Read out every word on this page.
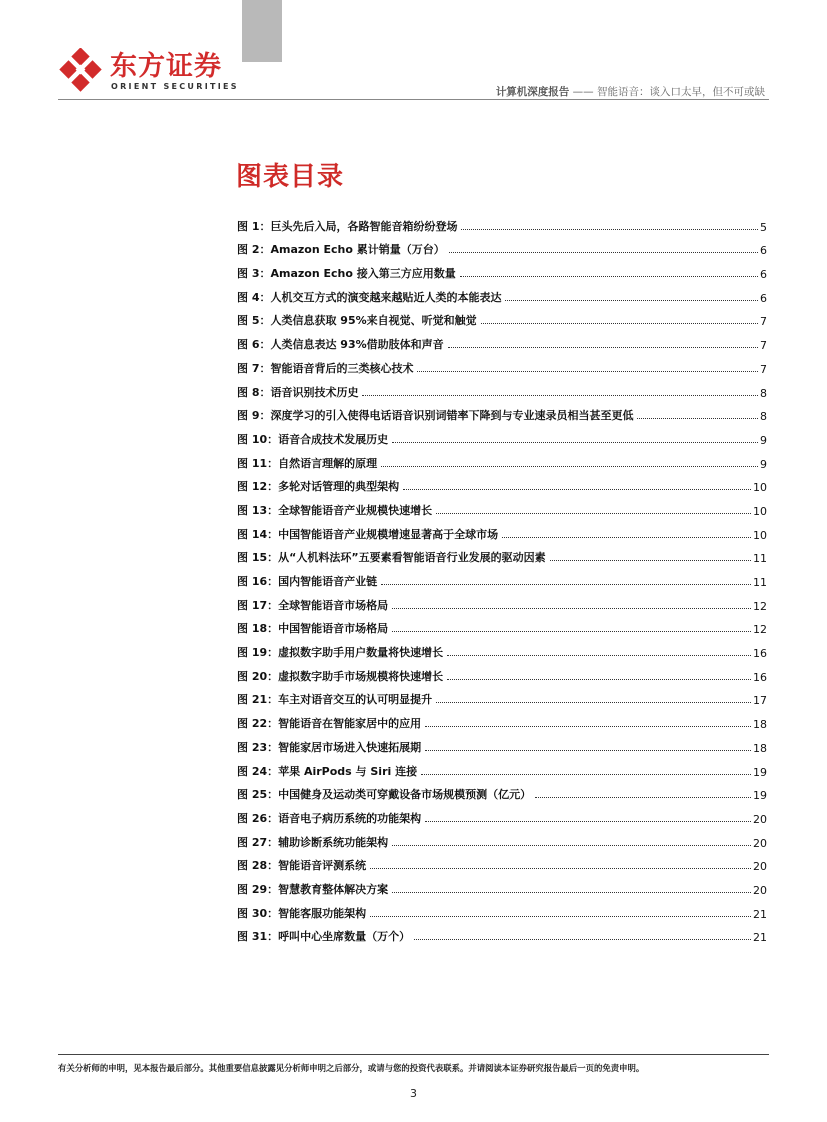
东方证券
ORIENT SECURITIES	计算机深度报告 —— 智能语音：谈入口太早，但不可或缺
图表目录
图 1：巨头先后入局，各路智能音箱纷纷登场	5
图 2：Amazon Echo 累计销量（万台）	6
图 3：Amazon Echo 接入第三方应用数量	6
图 4：人机交互方式的演变越来越贴近人类的本能表达	6
图 5：人类信息获取 95%来自视觉、听觉和触觉	7
图 6：人类信息表达 93%借助肢体和声音	7
图 7：智能语音背后的三类核心技术	7
图 8：语音识别技术历史	8
图 9：深度学习的引入使得电话语音识别词错率下降到与专业速录员相当甚至更低	8
图 10：语音合成技术发展历史	9
图 11：自然语言理解的原理	9
图 12：多轮对话管理的典型架构	10
图 13：全球智能语音产业规模快速增长	10
图 14：中国智能语音产业规模增速显著高于全球市场	10
图 15：从“人机料法环”五要素看智能语音行业发展的驱动因素	11
图 16：国内智能语音产业链	11
图 17：全球智能语音市场格局	12
图 18：中国智能语音市场格局	12
图 19：虚拟数字助手用户数量将快速增长	16
图 20：虚拟数字助手市场规模将快速增长	16
图 21：车主对语音交互的认可明显提升	17
图 22：智能语音在智能家居中的应用	18
图 23：智能家居市场进入快速拓展期	18
图 24：苹果 AirPods 与 Siri 连接	19
图 25：中国健身及运动类可穿戴设备市场规模预测（亿元）	19
图 26：语音电子病历系统的功能架构	20
图 27：辅助诊断系统功能架构	20
图 28：智能语音评测系统	20
图 29：智慧教育整体解决方案	20
图 30：智能客服功能架构	21
图 31：呼叫中心坐席数量（万个）	21
有关分析师的申明，见本报告最后部分。其他重要信息披露见分析师申明之后部分，或请与您的投资代表联系。并请阅读本证券研究报告最后一页的免责申明。
3
